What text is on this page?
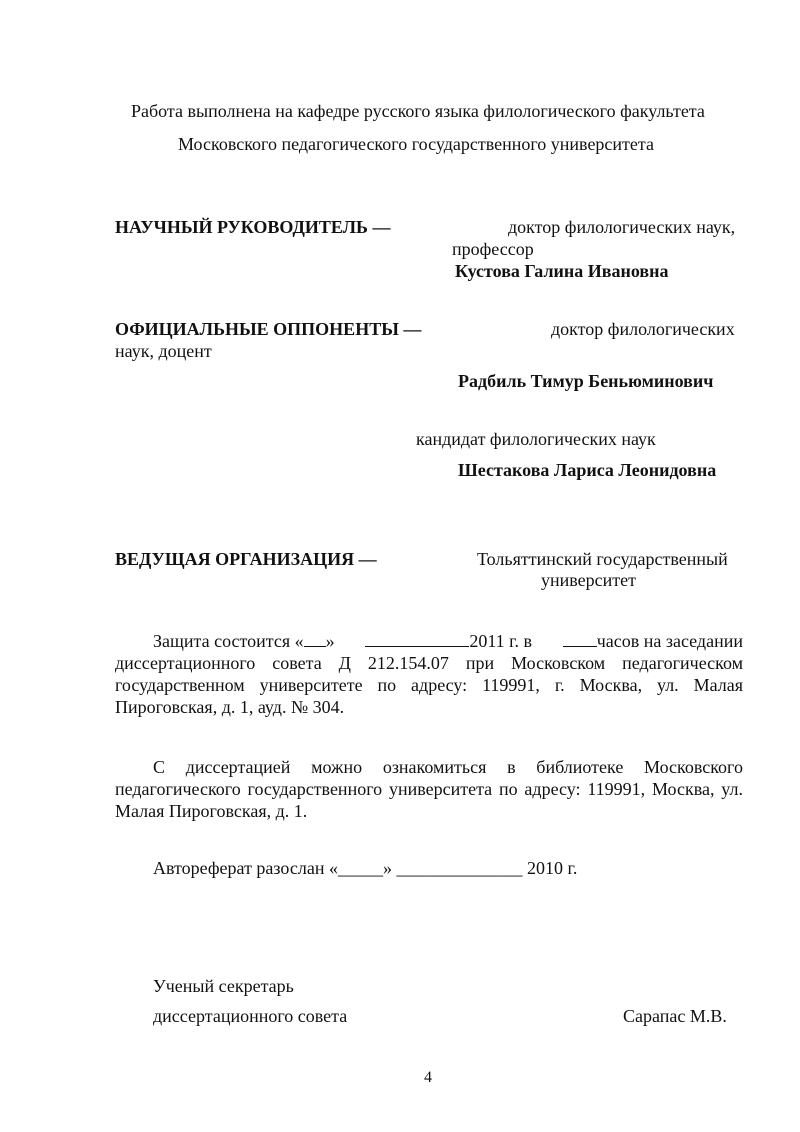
Работа выполнена на кафедре русского языка филологического факультета
Московского педагогического государственного университета
НАУЧНЫЙ РУКОВОДИТЕЛЬ —	доктор филологических наук,
профессор
Кустова Галина Ивановна
ОФИЦИАЛЬНЫЕ ОППОНЕНТЫ —	доктор филологических
наук, доцент
Радбиль Тимур Беньюминович
кандидат филологических наук
Шестакова Лариса Леонидовна
ВЕДУЩАЯ ОРГАНИЗАЦИЯ —	Тольяттинский государственный
университет
Защита состоится « »	2011 г. в	часов на заседании
диссертационного совета Д 212.154.07 при Московском педагогическом государственном университете по адресу: 119991, г. Москва, ул. Малая Пироговская, д. 1, ауд. № 304.
С диссертацией можно ознакомиться в библиотеке Московского педагогического государственного университета по адресу: 119991, Москва, ул. Малая Пироговская, д. 1.
Автореферат разослан «_____» ______________ 2010 г.
Ученый секретарь
диссертационного совета	Сарапас М.В.
4
